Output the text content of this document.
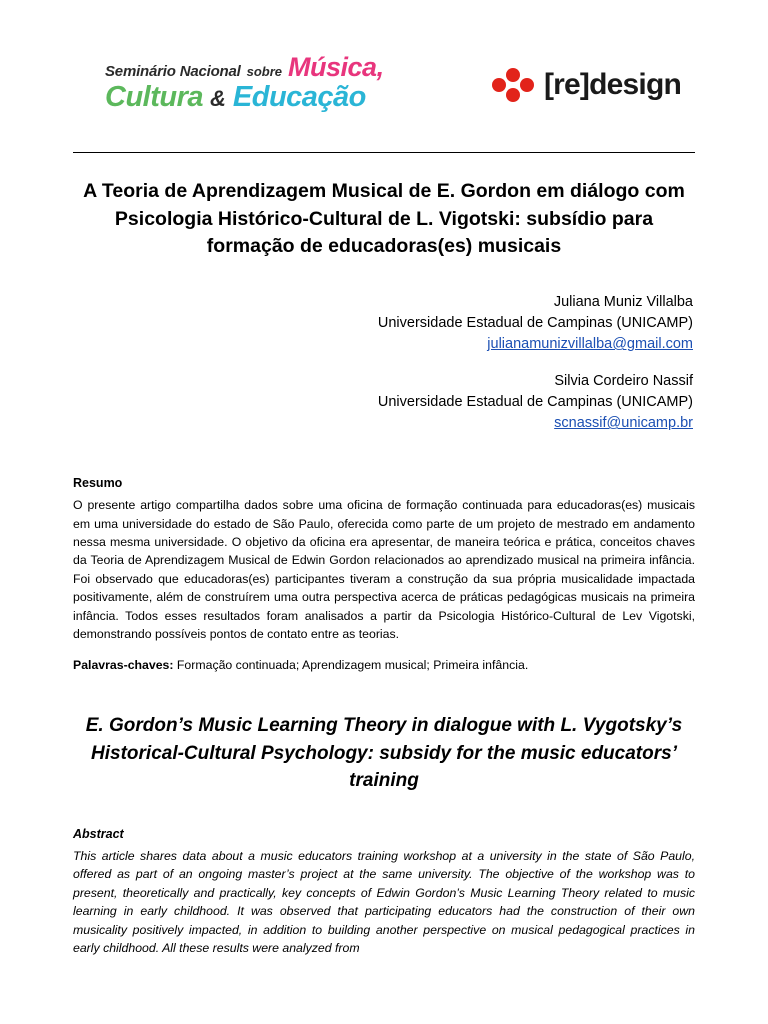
Seminário Nacional sobre Música,
Cultura & Educação	[re]design
A Teoria de Aprendizagem Musical de E. Gordon em diálogo com Psicologia Histórico-Cultural de L. Vigotski: subsídio para formação de educadoras(es) musicais
Juliana Muniz Villalba
Universidade Estadual de Campinas (UNICAMP)
julianamunizvillalba@gmail.com
Silvia Cordeiro Nassif
Universidade Estadual de Campinas (UNICAMP)
scnassif@unicamp.br
Resumo

O presente artigo compartilha dados sobre uma oficina de formação continuada para educadoras(es) musicais em uma universidade do estado de São Paulo, oferecida como parte de um projeto de mestrado em andamento nessa mesma universidade. O objetivo da oficina era apresentar, de maneira teórica e prática, conceitos chaves da Teoria de Aprendizagem Musical de Edwin Gordon relacionados ao aprendizado musical na primeira infância. Foi observado que educadoras(es) participantes tiveram a construção da sua própria musicalidade impactada positivamente, além de construírem uma outra perspectiva acerca de práticas pedagógicas musicais na primeira infância. Todos esses resultados foram analisados a partir da Psicologia Histórico-Cultural de Lev Vigotski, demonstrando possíveis pontos de contato entre as teorias.

Palavras-chaves: Formação continuada; Aprendizagem musical; Primeira infância.

E. Gordon’s Music Learning Theory in dialogue with L. Vygotsky’s Historical-Cultural Psychology: subsidy for the music educators’ training
Abstract

This article shares data about a music educators training workshop at a university in the state of São Paulo, offered as part of an ongoing master’s project at the same university. The objective of the workshop was to present, theoretically and practically, key concepts of Edwin Gordon’s Music Learning Theory related to music learning in early childhood. It was observed that participating educators had the construction of their own musicality positively impacted, in addition to building another perspective on musical pedagogical practices in early childhood. All these results were analyzed from
